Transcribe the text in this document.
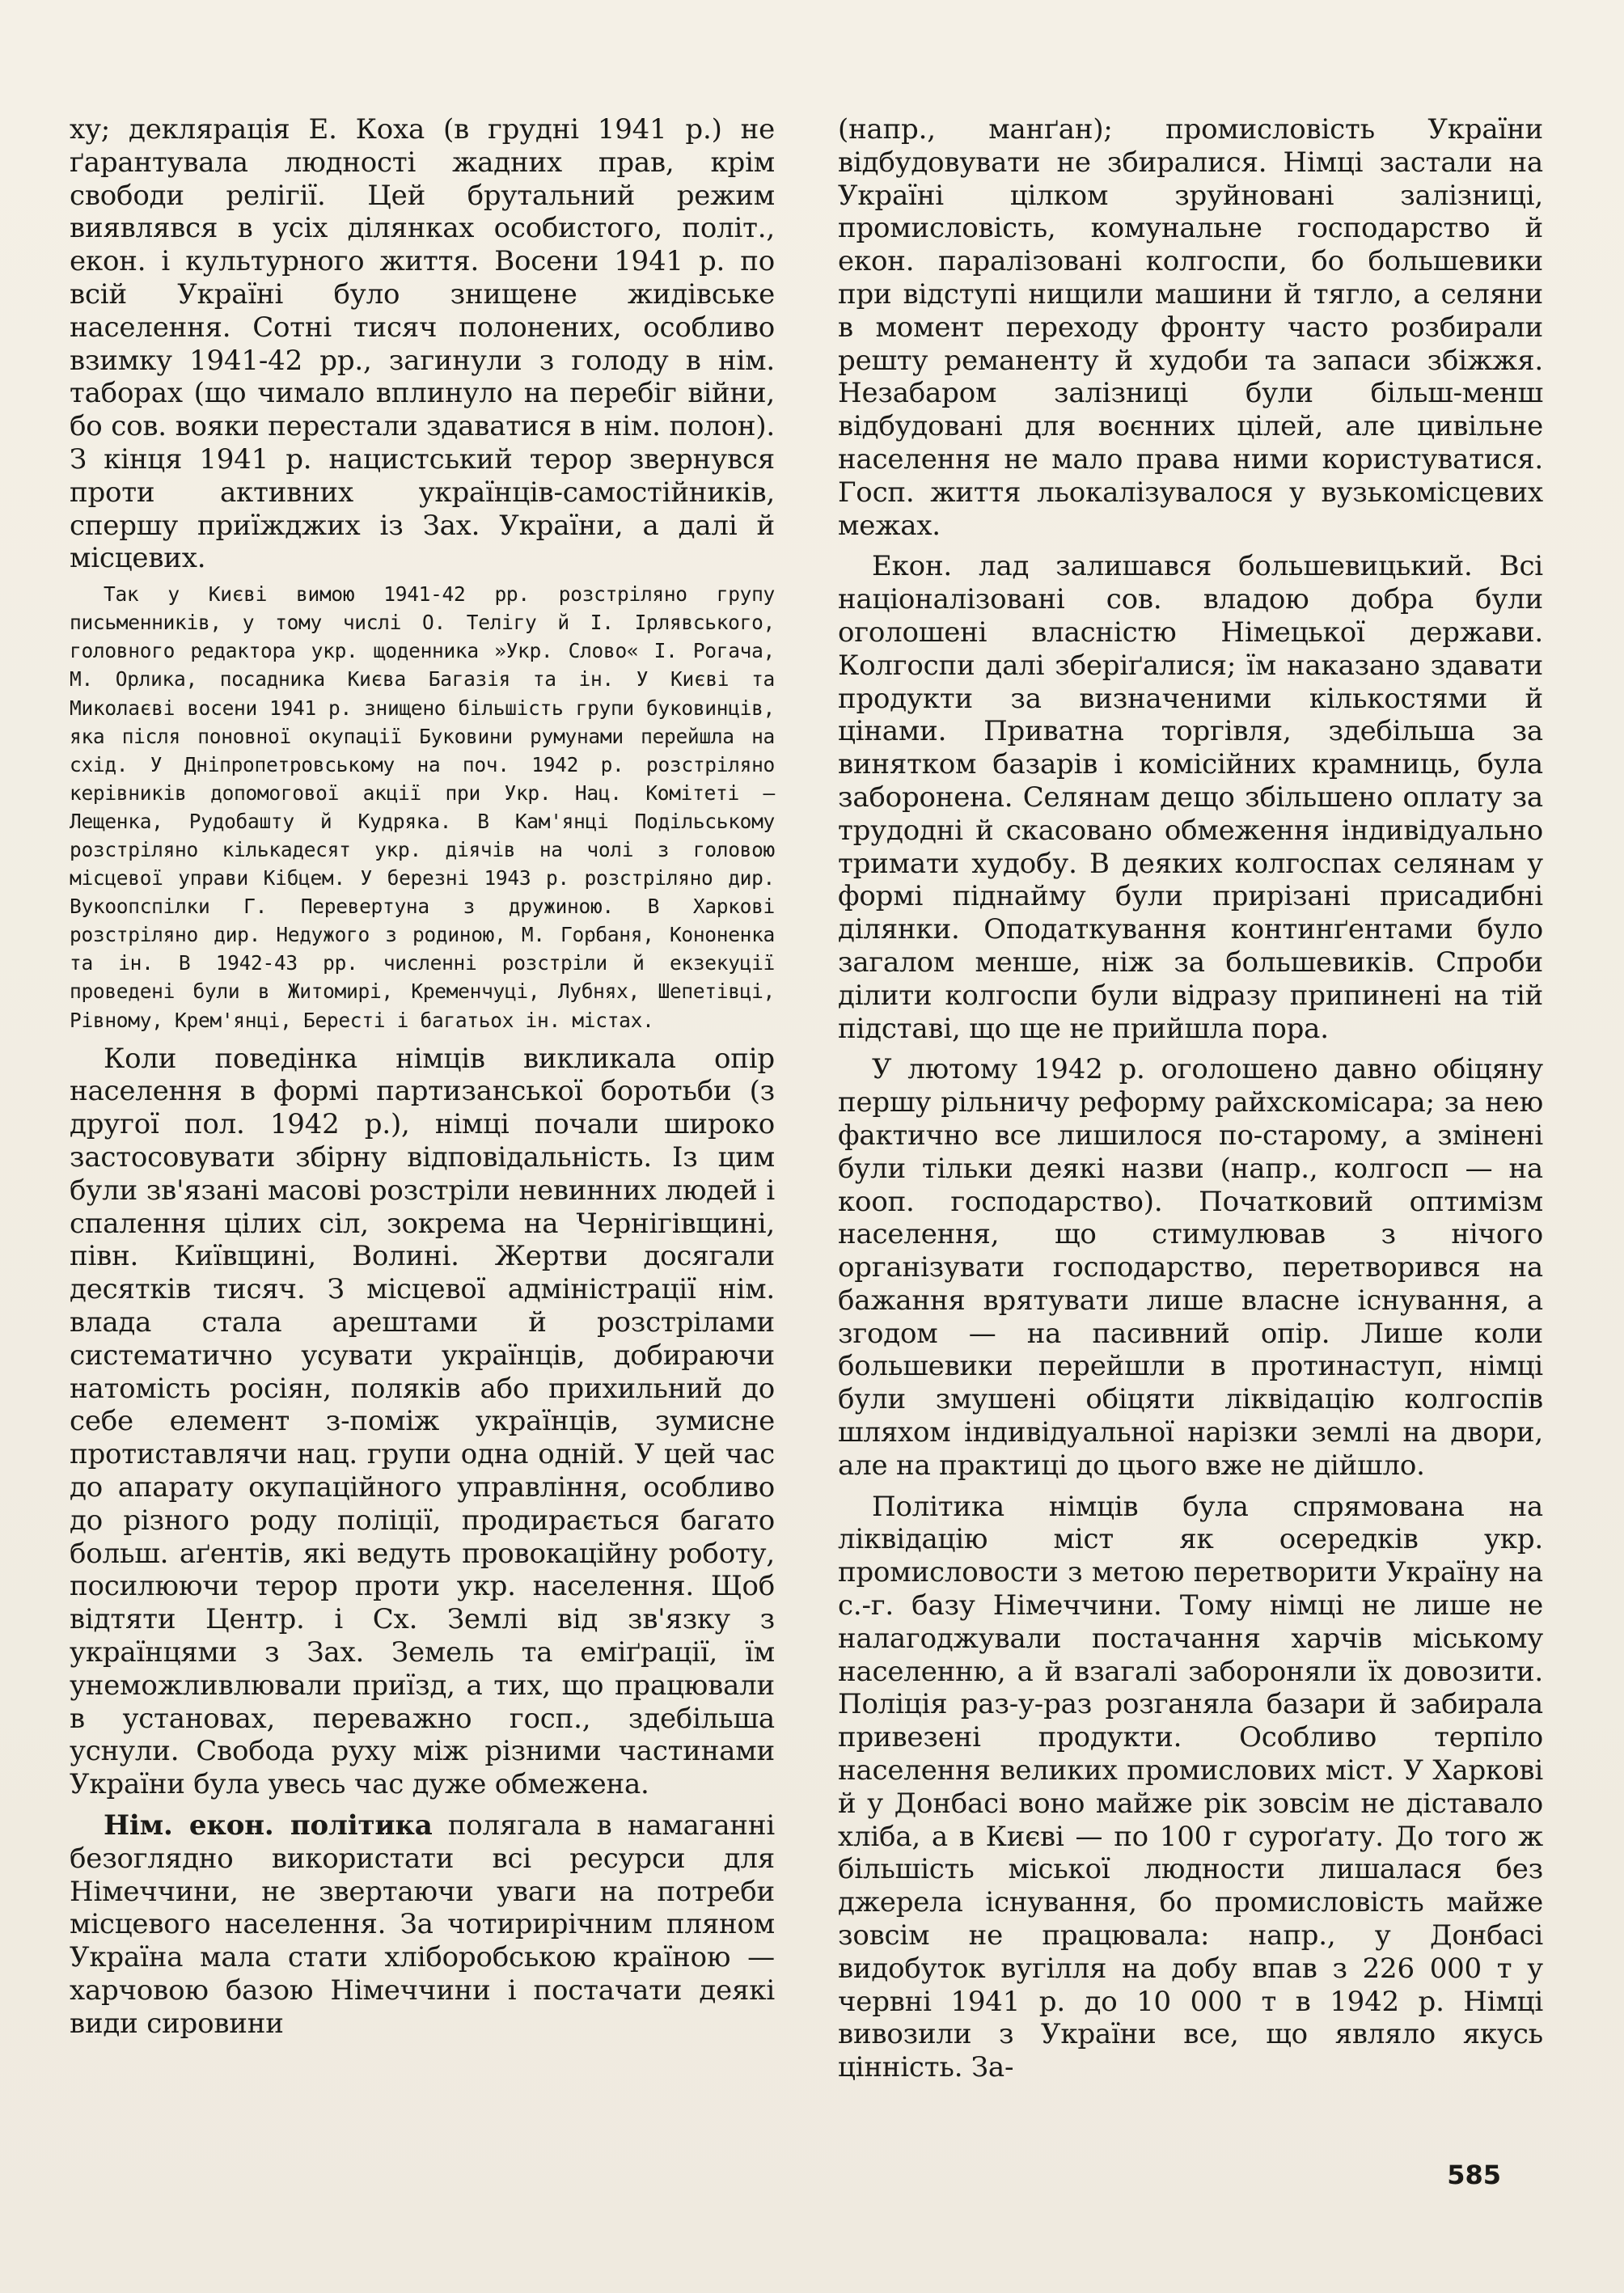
ху; деклярація Е. Коха (в грудні 1941 р.) не ґарантувала людності жадних прав, крім свободи релігії. Цей брутальний режим виявлявся в усіх ділянках особистого, політ., екон. і культурного життя. Восени 1941 р. по всій Україні було знищене жидівське населення. Сотні тисяч полонених, особливо взимку 1941-42 рр., загинули з голоду в нім. таборах (що чимало вплинуло на перебіг війни, бо сов. вояки перестали здаватися в нім. полон). З кінця 1941 р. нацистський терор звернувся проти активних українців-самостійників, спершу приїжджих із Зах. України, а далі й місцевих.

Так у Києві вимою 1941-42 рр. розстріляно групу письменників, у тому числі О. Телігу й І. Ірлявського, головного редактора укр. щоденника »Укр. Слово« І. Рогача, М. Орлика, посадника Києва Багазія та ін. У Києві та Миколаєві восени 1941 р. знищено більшість групи буковинців, яка після поновної окупації Буковини румунами перейшла на схід. У Дніпропетровському на поч. 1942 р. розстріляно керівників допомогової акції при Укр. Нац. Комітеті — Лещенка, Рудобашту й Кудряка. В Кам'янці Подільському розстріляно кількадесят укр. діячів на чолі з головою місцевої управи Кібцем. У березні 1943 р. розстріляно дир. Вукоопспілки Г. Перевертуна з дружиною. В Харкові розстріляно дир. Недужого з родиною, М. Горбаня, Кононенка та ін. В 1942-43 рр. численні розстріли й екзекуції проведені були в Житомирі, Кременчуці, Лубнях, Шепетівці, Рівному, Крем'янці, Бересті і багатьох ін. містах.

Коли поведінка німців викликала опір населення в формі партизанської боротьби (з другої пол. 1942 р.), німці почали широко застосовувати збірну відповідальність. Із цим були зв'язані масові розстріли невинних людей і спалення цілих сіл, зокрема на Чернігівщині, півн. Київщині, Волині. Жертви досягали десятків тисяч. З місцевої адміністрації нім. влада стала арештами й розстрілами систематично усувати українців, добираючи натомість росіян, поляків або прихильний до себе елемент з-поміж українців, зумисне протиставлячи нац. групи одна одній. У цей час до апарату окупаційного управління, особливо до різного роду поліції, продирається багато больш. аґентів, які ведуть провокаційну роботу, посилюючи терор проти укр. населення. Щоб відтяти Центр. і Сх. Землі від зв'язку з українцями з Зах. Земель та еміґрації, їм унеможливлювали приїзд, а тих, що працювали в установах, переважно госп., здебільша уснули. Свобода руху між різними частинами України була увесь час дуже обмежена.

Нім. екон. політика полягала в намаганні безоглядно використати всі ресурси для Німеччини, не звертаючи уваги на потреби місцевого населення. За чотирирічним пляном Україна мала стати хліборобською країною — харчовою базою Німеччини і постачати деякі види сировини

(напр., манґан); промисловість України відбудовувати не збиралися. Німці застали на Україні цілком зруйновані залізниці, промисловість, комунальне господарство й екон. паралізовані колгоспи, бо большевики при відступі нищили машини й тягло, а селяни в момент переходу фронту часто розбирали решту реманенту й худоби та запаси збіжжя. Незабаром залізниці були більш-менш відбудовані для воєнних цілей, але цивільне населення не мало права ними користуватися. Госп. життя льокалізувалося у вузькомісцевих межах.

Екон. лад залишався большевицький. Всі націоналізовані сов. владою добра були оголошені власністю Німецької держави. Колгоспи далі зберіґалися; їм наказано здавати продукти за визначеними кількостями й цінами. Приватна торгівля, здебільша за винятком базарів і комісійних крамниць, була заборонена. Селянам дещо збільшено оплату за трудодні й скасовано обмеження індивідуально тримати худобу. В деяких колгоспах селянам у формі піднайму були прирізані присадибні ділянки. Оподаткування континґентами було загалом менше, ніж за большевиків. Спроби ділити колгоспи були відразу припинені на тій підставі, що ще не прийшла пора.

У лютому 1942 р. оголошено давно обіцяну першу рільничу реформу райхскомісара; за нею фактично все лишилося по-старому, а змінені були тільки деякі назви (напр., колгосп — на кооп. господарство). Початковий оптимізм населення, що стимулював з нічого організувати господарство, перетворився на бажання врятувати лише власне існування, а згодом — на пасивний опір. Лише коли большевики перейшли в протинаступ, німці були змушені обіцяти ліквідацію колгоспів шляхом індивідуальної нарізки землі на двори, але на практиці до цього вже не дійшло.

Політика німців була спрямована на ліквідацію міст як осередків укр. промисловости з метою перетворити Україну на с.-г. базу Німеччини. Тому німці не лише не налагоджували постачання харчів міському населенню, а й взагалі забороняли їх довозити. Поліція раз-у-раз розганяла базари й забирала привезені продукти. Особливо терпіло населення великих промислових міст. У Харкові й у Донбасі воно майже рік зовсім не діставало хліба, а в Києві — по 100 г суроґату. До того ж більшість міської людности лишалася без джерела існування, бо промисловість майже зовсім не працювала: напр., у Донбасі видобуток вугілля на добу впав з 226 000 т у червні 1941 р. до 10 000 т в 1942 р. Німці вивозили з України все, що являло якусь цінність. За-

585
